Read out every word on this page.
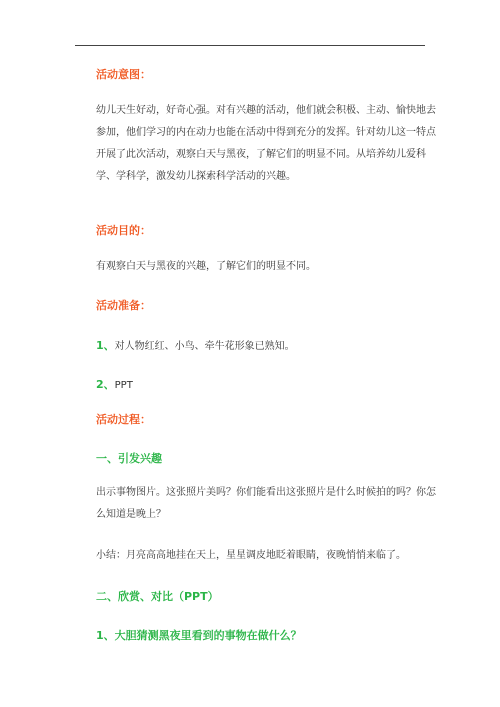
活动意图：

幼儿天生好动，好奇心强。对有兴趣的活动，他们就会积极、主动、愉快地去参加，他们学习的内在动力也能在活动中得到充分的发挥。针对幼儿这一特点开展了此次活动，观察白天与黑夜，了解它们的明显不同。从培养幼儿爱科学、学科学，激发幼儿探索科学活动的兴趣。

活动目的：

有观察白天与黑夜的兴趣，了解它们的明显不同。

活动准备：
1、对人物红红、小鸟、牵牛花形象已熟知。
2、PPT
活动过程：
一、引发兴趣

出示事物图片。这张照片美吗？你们能看出这张照片是什么时候拍的吗？你怎么知道是晚上？

小结：月亮高高地挂在天上，星星调皮地眨着眼睛，夜晚悄悄来临了。

二、欣赏、对比（PPT）
1、大胆猜测黑夜里看到的事物在做什么？
